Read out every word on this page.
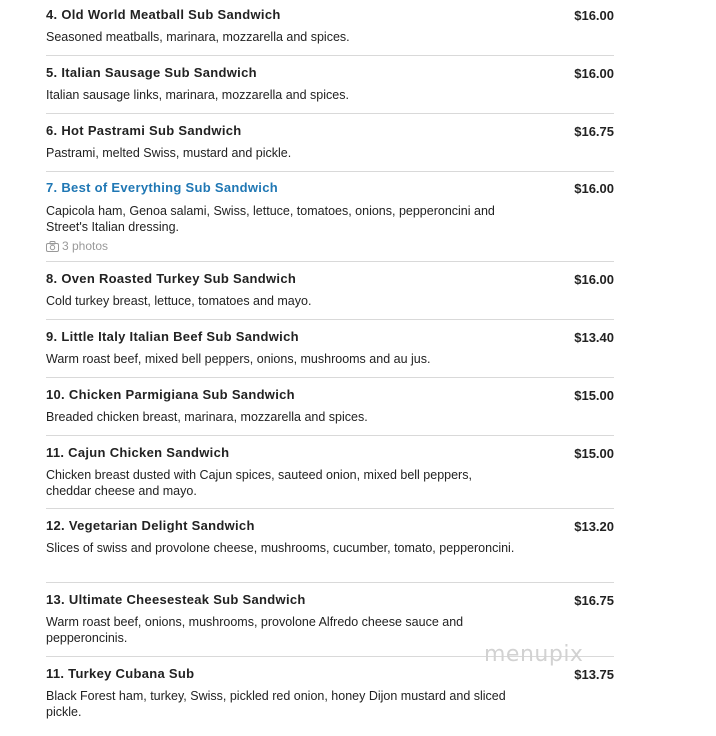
4. Old World Meatball Sub Sandwich	$16.00
Seasoned meatballs, marinara, mozzarella and spices.
5. Italian Sausage Sub Sandwich	$16.00
Italian sausage links, marinara, mozzarella and spices.
6. Hot Pastrami Sub Sandwich	$16.75
Pastrami, melted Swiss, mustard and pickle.
7. Best of Everything Sub Sandwich	$16.00
Capicola ham, Genoa salami, Swiss, lettuce, tomatoes, onions, pepperoncini and Street's Italian dressing.
3 photos
8. Oven Roasted Turkey Sub Sandwich	$16.00
Cold turkey breast, lettuce, tomatoes and mayo.
9. Little Italy Italian Beef Sub Sandwich	$13.40
Warm roast beef, mixed bell peppers, onions, mushrooms and au jus.
10. Chicken Parmigiana Sub Sandwich	$15.00
Breaded chicken breast, marinara, mozzarella and spices.
11. Cajun Chicken Sandwich	$15.00
Chicken breast dusted with Cajun spices, sauteed onion, mixed bell peppers, cheddar cheese and mayo.
12. Vegetarian Delight Sandwich	$13.20
Slices of swiss and provolone cheese, mushrooms, cucumber, tomato, pepperoncini.
13. Ultimate Cheesesteak Sub Sandwich	$16.75
Warm roast beef, onions, mushrooms, provolone Alfredo cheese sauce and pepperoncinis.
11. Turkey Cubana Sub	$13.75
Black Forest ham, turkey, Swiss, pickled red onion, honey Dijon mustard and sliced pickle.
menupix
